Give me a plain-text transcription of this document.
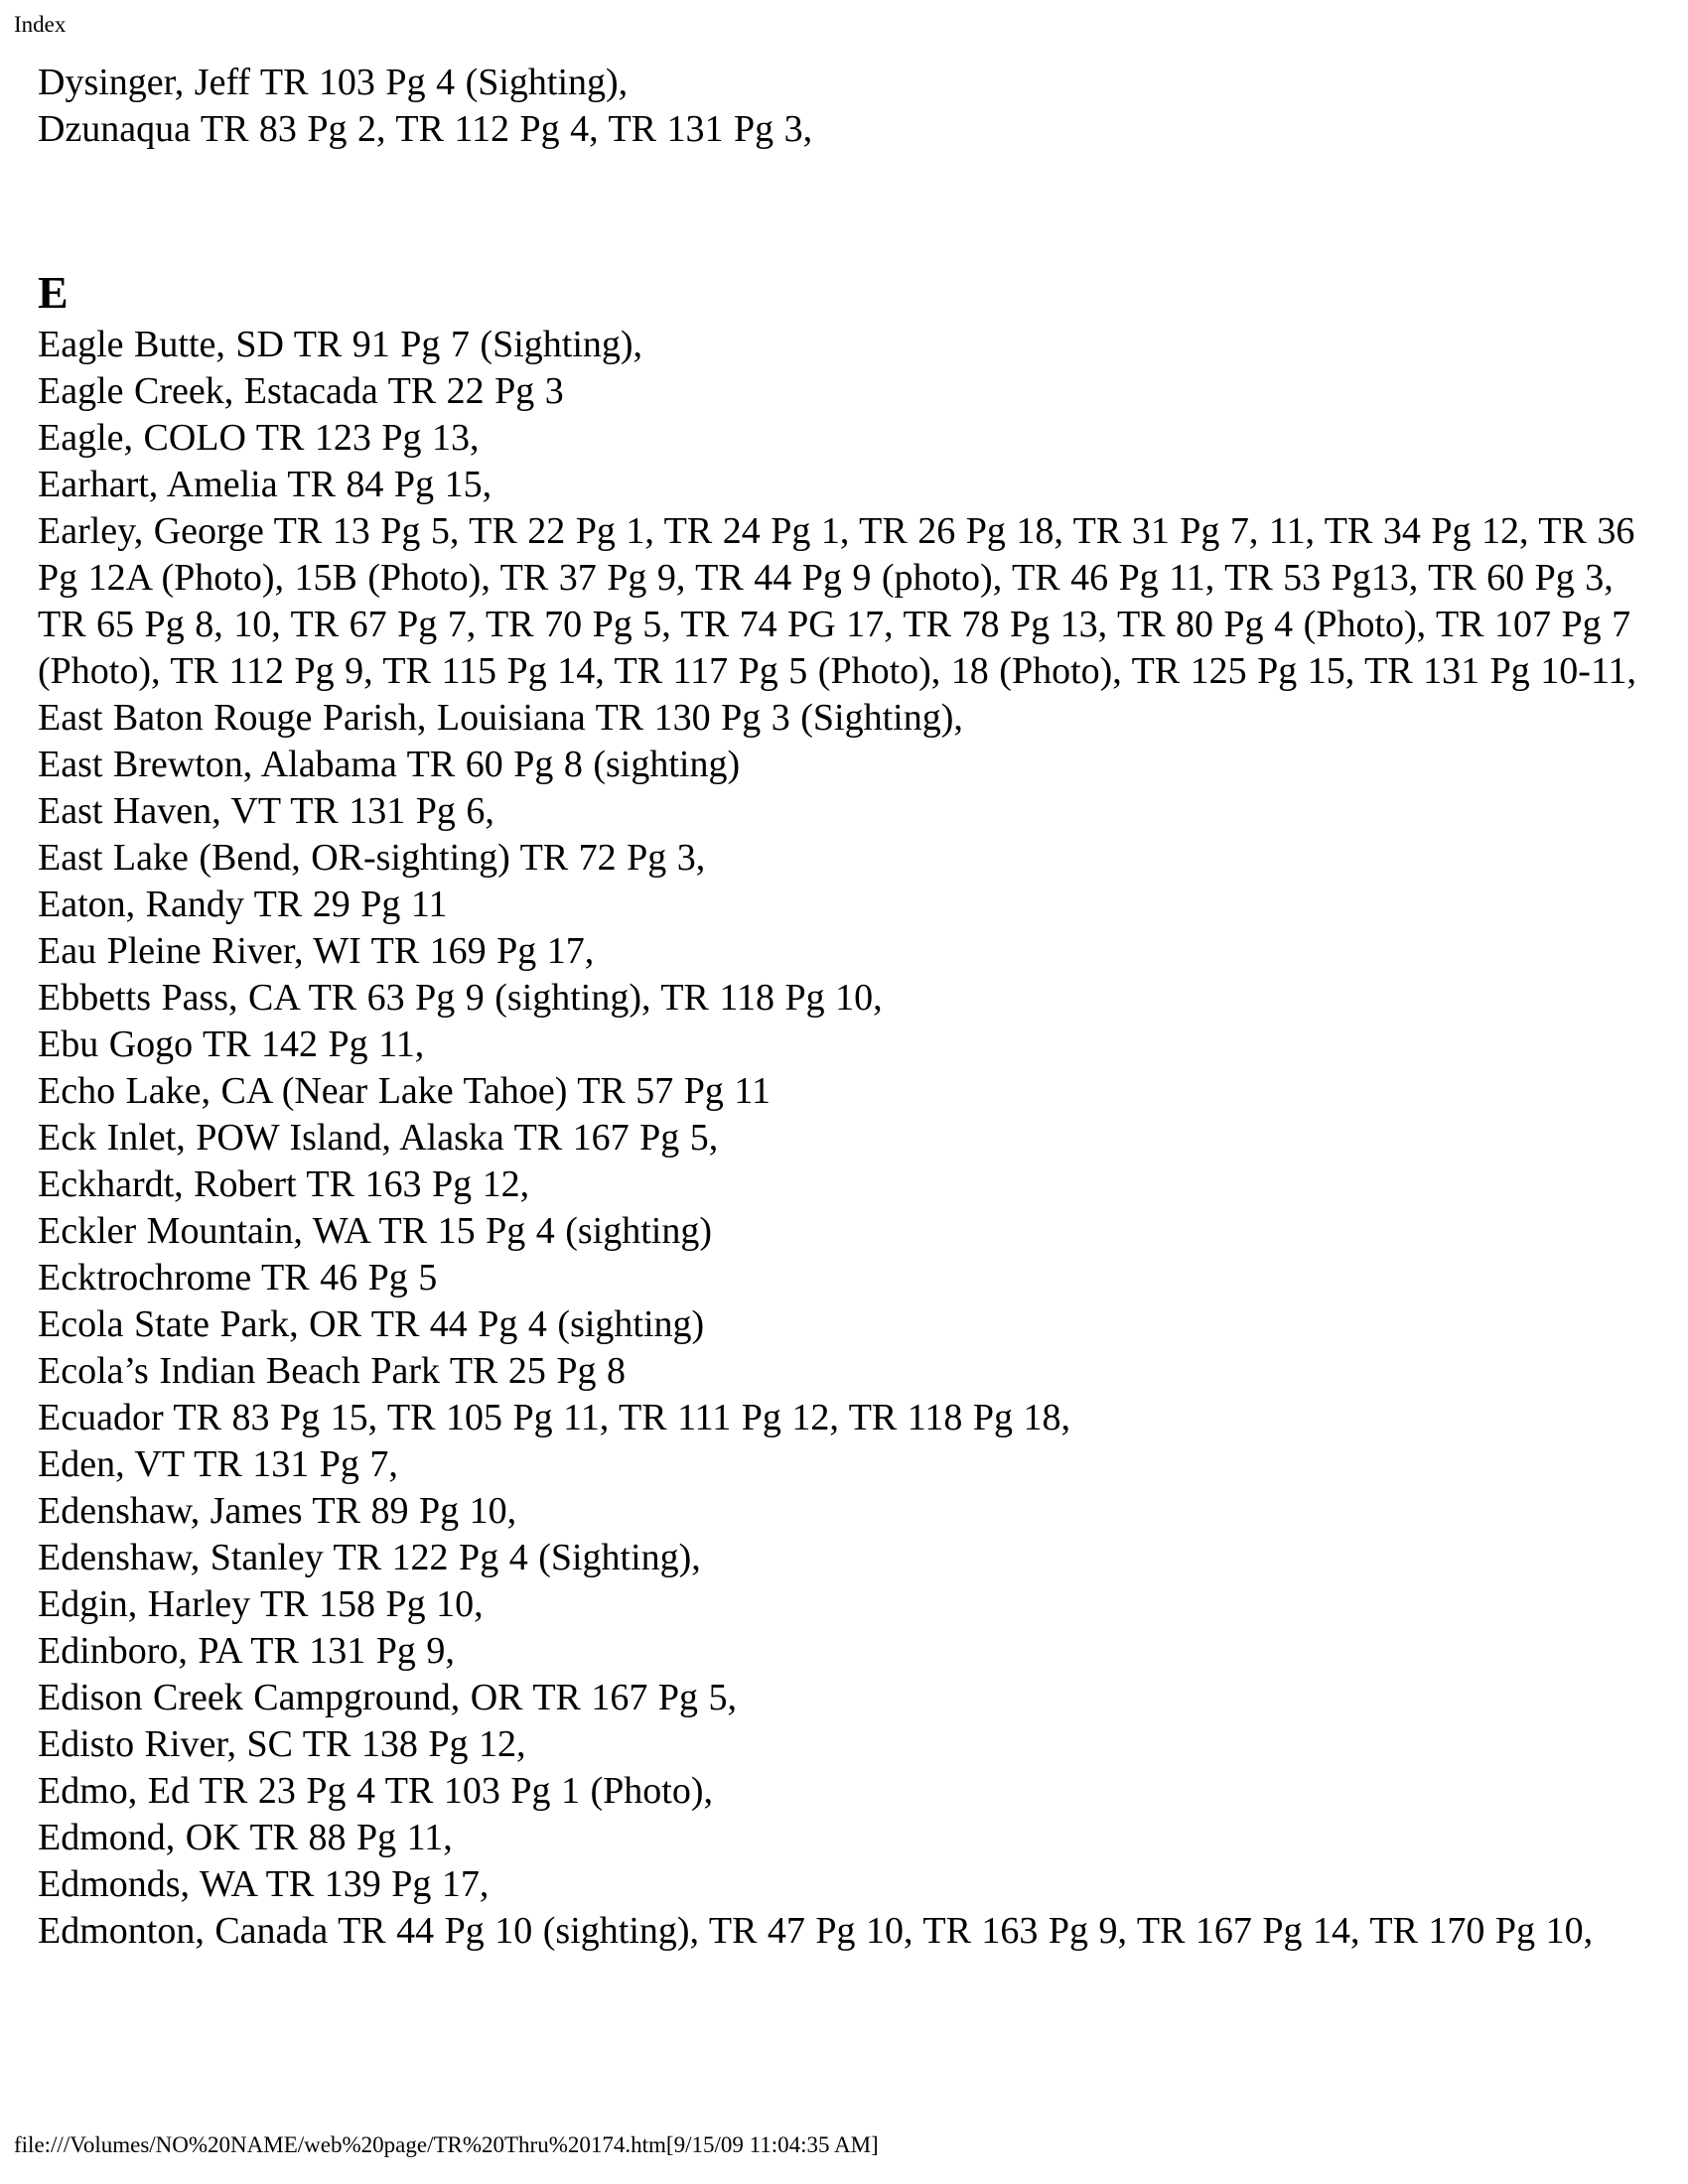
Index

Dysinger, Jeff TR 103 Pg 4 (Sighting),

Dzunaqua TR 83 Pg 2, TR 112 Pg 4, TR 131 Pg 3,

E

Eagle Butte, SD TR 91 Pg 7 (Sighting),

Eagle Creek, Estacada TR 22 Pg 3

Eagle, COLO TR 123 Pg 13,

Earhart, Amelia TR 84 Pg 15,

Earley, George TR 13 Pg 5, TR 22 Pg 1, TR 24 Pg 1, TR 26 Pg 18, TR 31 Pg 7, 11, TR 34 Pg 12, TR 36 Pg 12A (Photo), 15B (Photo), TR 37 Pg 9, TR 44 Pg 9 (photo), TR 46 Pg 11, TR 53 Pg13, TR 60 Pg 3, TR 65 Pg 8, 10, TR 67 Pg 7, TR 70 Pg 5, TR 74 PG 17, TR 78 Pg 13, TR 80 Pg 4 (Photo), TR 107 Pg 7 (Photo), TR 112 Pg 9, TR 115 Pg 14, TR 117 Pg 5 (Photo), 18 (Photo), TR 125 Pg 15, TR 131 Pg 10-11,

East Baton Rouge Parish, Louisiana TR 130 Pg 3 (Sighting),

East Brewton, Alabama TR 60 Pg 8 (sighting)

East Haven, VT TR 131 Pg 6,

East Lake (Bend, OR-sighting) TR 72 Pg 3,

Eaton, Randy TR 29 Pg 11

Eau Pleine River, WI TR 169 Pg 17,

Ebbetts Pass, CA TR 63 Pg 9 (sighting), TR 118 Pg 10,

Ebu Gogo TR 142 Pg 11,

Echo Lake, CA (Near Lake Tahoe) TR 57 Pg 11

Eck Inlet, POW Island, Alaska TR 167 Pg 5,

Eckhardt, Robert TR 163 Pg 12,

Eckler Mountain, WA TR 15 Pg 4 (sighting)

Ecktrochrome TR 46 Pg 5

Ecola State Park, OR TR 44 Pg 4 (sighting)

Ecola’s Indian Beach Park TR 25 Pg 8

Ecuador TR 83 Pg 15, TR 105 Pg 11, TR 111 Pg 12, TR 118 Pg 18,

Eden, VT TR 131 Pg 7,

Edenshaw, James TR 89 Pg 10,

Edenshaw, Stanley TR 122 Pg 4 (Sighting),

Edgin, Harley TR 158 Pg 10,

Edinboro, PA TR 131 Pg 9,

Edison Creek Campground, OR TR 167 Pg 5,

Edisto River, SC TR 138 Pg 12,

Edmo, Ed TR 23 Pg 4 TR 103 Pg 1 (Photo),

Edmond, OK TR 88 Pg 11,

Edmonds, WA TR 139 Pg 17,

Edmonton, Canada TR 44 Pg 10 (sighting), TR 47 Pg 10, TR 163 Pg 9, TR 167 Pg 14, TR 170 Pg 10,

file:///Volumes/NO%20NAME/web%20page/TR%20Thru%20174.htm[9/15/09 11:04:35 AM]
